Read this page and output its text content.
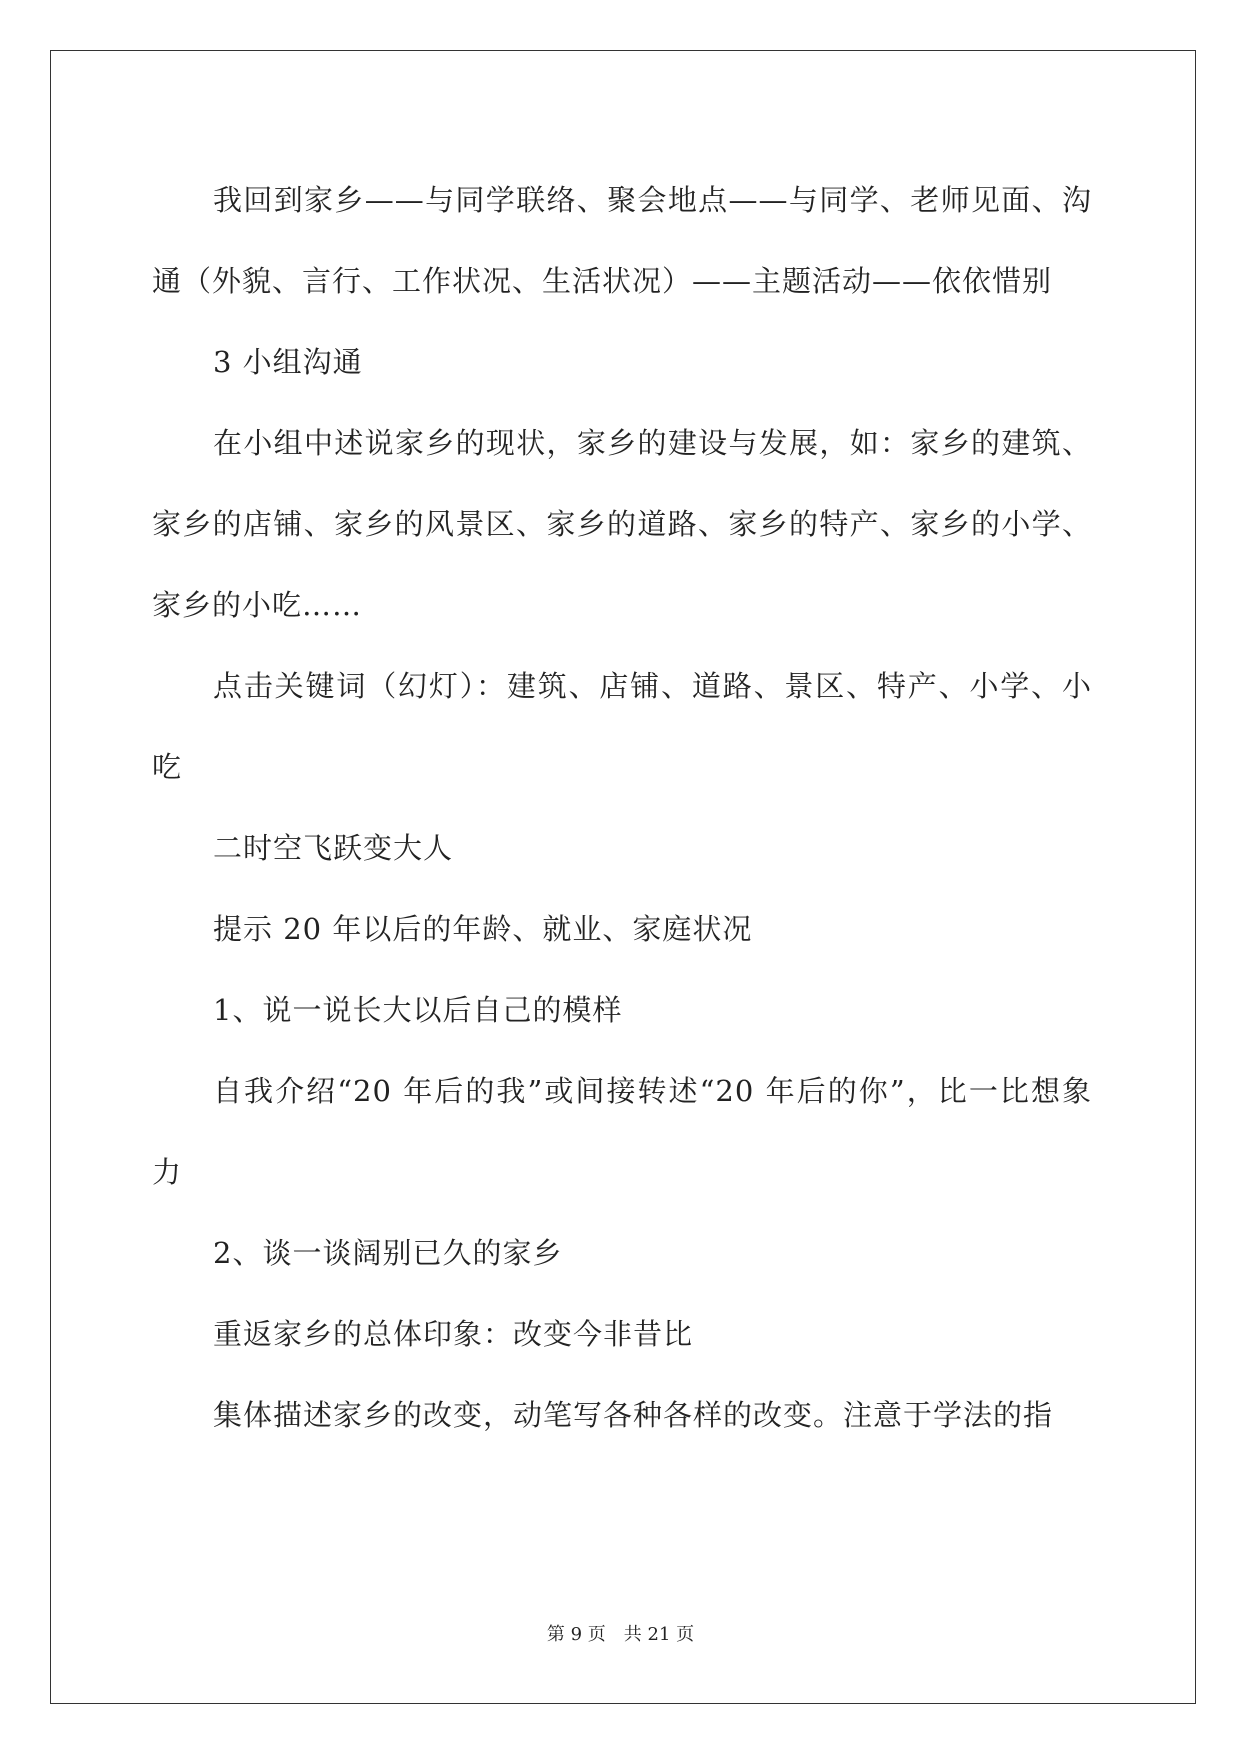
我回到家乡——与同学联络、聚会地点——与同学、老师见面、沟通（外貌、言行、工作状况、生活状况）——主题活动——依依惜别

3 小组沟通

在小组中述说家乡的现状，家乡的建设与发展，如：家乡的建筑、家乡的店铺、家乡的风景区、家乡的道路、家乡的特产、家乡的小学、家乡的小吃……

点击关键词（幻灯）：建筑、店铺、道路、景区、特产、小学、小吃

二时空飞跃变大人

提示 20 年以后的年龄、就业、家庭状况

1、说一说长大以后自己的模样

自我介绍“20 年后的我”或间接转述“20 年后的你”，比一比想象力

2、谈一谈阔别已久的家乡

重返家乡的总体印象：改变今非昔比

集体描述家乡的改变，动笔写各种各样的改变。注意于学法的指

第 9 页　共 21 页
